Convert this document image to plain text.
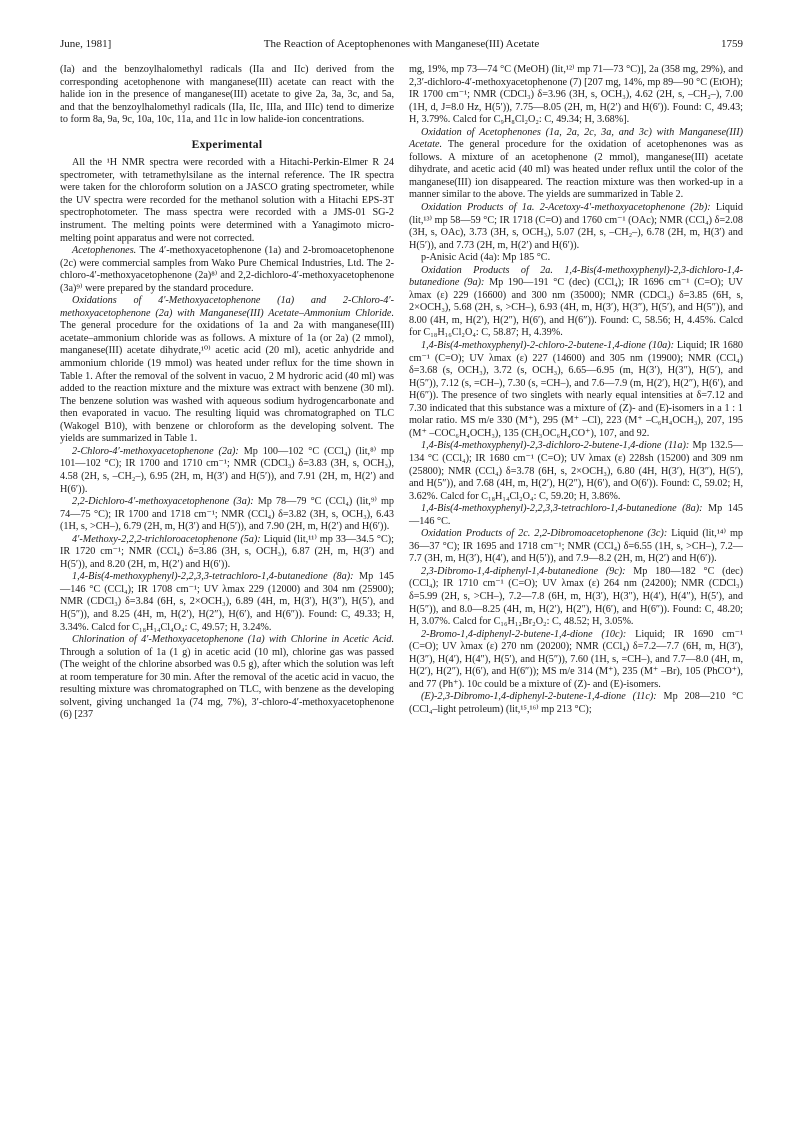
June, 1981]	The Reaction of Aceptophenones with Manganese(III) Acetate	1759

(Ia) and the benzoylhalomethyl radicals (IIa and IIc) derived from the corresponding acetophenone with manganese(III) acetate can react with the halide ion in the presence of manganese(III) acetate to give 2a, 3a, 3c, and 5a, and that the benzoylhalomethyl radicals (IIa, IIc, IIIa, and IIIc) tend to dimerize to form 8a, 9a, 9c, 10a, 10c, 11a, and 11c in low halide-ion concentrations.

Experimental

All the ¹H NMR spectra were recorded with a Hitachi-Perkin-Elmer R 24 spectrometer, with tetramethylsilane as the internal reference. The IR spectra were taken for the chloroform solution on a JASCO grating spectrometer, while the UV spectra were recorded for the methanol solution with a Hitachi EPS-3T spectrophotometer. The mass spectra were recorded with a JMS-01 SG-2 instrument. The melting points were determined with a Yanagimoto micro-melting point apparatus and were not corrected.

Acetophenones. The 4′-methoxyacetophenone (1a) and 2-bromoacetophenone (2c) were commercial samples from Wako Pure Chemical Industries, Ltd. The 2-chloro-4′-methoxyacetophenone (2a)⁸⁾ and 2,2-dichloro-4′-methoxyacetophenone (3a)⁹⁾ were prepared by the standard procedure.

Oxidations of 4′-Methoxyacetophenone (1a) and 2-Chloro-4′-methoxyacetophenone (2a) with Manganese(III) Acetate–Ammonium Chloride. The general procedure for the oxidations of 1a and 2a with manganese(III) acetate–ammonium chloride was as follows. A mixture of 1a (or 2a) (2 mmol), manganese(III) acetate dihydrate,¹⁰⁾ acetic acid (20 ml), acetic anhydride and ammonium chloride (19 mmol) was heated under reflux for the time shown in Table 1. After the removal of the solvent in vacuo, 2 M hydroric acid (40 ml) was added to the reaction mixture and the mixture was extract with benzene (30 ml). The benzene solution was washed with aqueous sodium hydrogencarbonate and then evaporated in vacuo. The resulting liquid was chromatographed on TLC (Wakogel B10), with benzene or chloroform as the developing solvent. The yields are summarized in Table 1.

2-Chloro-4′-methoxyacetophenone (2a): Mp 100—102 °C (CCl₄) (lit,⁸⁾ mp 101—102 °C); IR 1700 and 1710 cm⁻¹; NMR (CDCl₃) δ=3.83 (3H, s, OCH₃), 4.58 (2H, s, –CH₂–), 6.95 (2H, m, H(3′) and H(5′)), and 7.91 (2H, m, H(2′) and H(6′)).

2,2-Dichloro-4′-methoxyacetophenone (3a): Mp 78—79 °C (CCl₄) (lit,⁹⁾ mp 74—75 °C); IR 1700 and 1718 cm⁻¹; NMR (CCl₄) δ=3.82 (3H, s, OCH₃), 6.43 (1H, s, >CH–), 6.79 (2H, m, H(3′) and H(5′)), and 7.90 (2H, m, H(2′) and H(6′)).

4′-Methoxy-2,2,2-trichloroacetophenone (5a): Liquid (lit,¹¹⁾ mp 33—34.5 °C); IR 1720 cm⁻¹; NMR (CCl₄) δ=3.86 (3H, s, OCH₃), 6.87 (2H, m, H(3′) and H(5′)), and 8.20 (2H, m, H(2′) and H(6′)).

1,4-Bis(4-methoxyphenyl)-2,2,3,3-tetrachloro-1,4-butanedione (8a): Mp 145—146 °C (CCl₄); IR 1708 cm⁻¹; UV λmax 229 (12000) and 304 nm (25900); NMR (CDCl₃) δ=3.84 (6H, s, 2×OCH₃), 6.89 (4H, m, H(3′), H(3″), H(5′), and H(5″)), and 8.25 (4H, m, H(2′), H(2″), H(6′), and H(6″)). Found: C, 49.33; H, 3.34%. Calcd for C₁₈H₁₄Cl₄O₄: C, 49.57; H, 3.24%.

Chlorination of 4′-Methoxyacetophenone (1a) with Chlorine in Acetic Acid. Through a solution of 1a (1 g) in acetic acid (10 ml), chlorine gas was passed (The weight of the chlorine absorbed was 0.5 g), after which the solution was left at room temperature for 30 min. After the removal of the acetic acid in vacuo, the resulting mixture was chromatographed on TLC, with benzene as the developing solvent, giving unchanged 1a (74 mg, 7%), 3′-chloro-4′-methoxyacetophenone (6) [237

mg, 19%, mp 73—74 °C (MeOH) (lit,¹²⁾ mp 71—73 °C)], 2a (358 mg, 29%), and 2,3′-dichloro-4′-methoxyacetophenone (7) [207 mg, 14%, mp 89—90 °C (EtOH); IR 1700 cm⁻¹; NMR (CDCl₃) δ=3.96 (3H, s, OCH₃), 4.62 (2H, s, –CH₂–), 7.00 (1H, d, J=8.0 Hz, H(5′)), 7.75—8.05 (2H, m, H(2′) and H(6′)). Found: C, 49.43; H, 3.79%. Calcd for C₉H₈Cl₂O₂: C, 49.34; H, 3.68%].

Oxidation of Acetophenones (1a, 2a, 2c, 3a, and 3c) with Manganese(III) Acetate. The general procedure for the oxidation of acetophenones was as follows. A mixture of an acetophenone (2 mmol), manganese(III) acetate dihydrate, and acetic acid (40 ml) was heated under reflux until the color of the manganese(III) ion disappeared. The reaction mixture was then worked-up in a manner similar to the above. The yields are summarized in Table 2.

Oxidation Products of 1a. 2-Acetoxy-4′-methoxyacetophenone (2b): Liquid (lit,¹³⁾ mp 58—59 °C; IR 1718 (C=O) and 1760 cm⁻¹ (OAc); NMR (CCl₄) δ=2.08 (3H, s, OAc), 3.73 (3H, s, OCH₃), 5.07 (2H, s, –CH₂–), 6.78 (2H, m, H(3′) and H(5′)), and 7.73 (2H, m, H(2′) and H(6′)).

p-Anisic Acid (4a): Mp 185 °C.

Oxidation Products of 2a. 1,4-Bis(4-methoxyphenyl)-2,3-dichloro-1,4-butanedione (9a): Mp 190—191 °C (dec) (CCl₄); IR 1696 cm⁻¹ (C=O); UV λmax (ε) 229 (16600) and 300 nm (35000); NMR (CDCl₃) δ=3.85 (6H, s, 2×OCH₃), 5.68 (2H, s, >CH–), 6.93 (4H, m, H(3′), H(3″), H(5′), and H(5″)), and 8.00 (4H, m, H(2′), H(2″), H(6′), and H(6″)). Found: C, 58.56; H, 4.45%. Calcd for C₁₈H₁₆Cl₂O₄: C, 58.87; H, 4.39%.

1,4-Bis(4-methoxyphenyl)-2-chloro-2-butene-1,4-dione (10a): Liquid; IR 1680 cm⁻¹ (C=O); UV λmax (ε) 227 (14600) and 305 nm (19900); NMR (CCl₄) δ=3.68 (s, OCH₃), 3.72 (s, OCH₃), 6.65—6.95 (m, H(3′), H(3″), H(5′), and H(5″)), 7.12 (s, =CH–), 7.30 (s, =CH–), and 7.6—7.9 (m, H(2′), H(2″), H(6′), and H(6″)). The presence of two singlets with nearly equal intensities at δ=7.12 and 7.30 indicated that this substance was a mixture of (Z)- and (E)-isomers in a 1 : 1 molar ratio. MS m/e 330 (M⁺), 295 (M⁺ –Cl), 223 (M⁺ –C₆H₄OCH₃), 207, 195 (M⁺ –COC₆H₄OCH₃), 135 (CH₃OC₆H₄CO⁺), 107, and 92.

1,4-Bis(4-methoxyphenyl)-2,3-dichloro-2-butene-1,4-dione (11a): Mp 132.5—134 °C (CCl₄); IR 1680 cm⁻¹ (C=O); UV λmax (ε) 228sh (15200) and 309 nm (25800); NMR (CCl₄) δ=3.78 (6H, s, 2×OCH₃), 6.80 (4H, H(3′), H(3″), H(5′), and H(5″)), and 7.68 (4H, m, H(2′), H(2″), H(6′), and O(6′)). Found: C, 59.02; H, 3.62%. Calcd for C₁₈H₁₄Cl₂O₄: C, 59.20; H, 3.86%.

1,4-Bis(4-methoxyphenyl)-2,2,3,3-tetrachloro-1,4-butanedione (8a): Mp 145—146 °C.

Oxidation Products of 2c. 2,2-Dibromoacetophenone (3c): Liquid (lit,¹⁴⁾ mp 36—37 °C); IR 1695 and 1718 cm⁻¹; NMR (CCl₄) δ=6.55 (1H, s, >CH–), 7.2—7.7 (3H, m, H(3′), H(4′), and H(5′)), and 7.9—8.2 (2H, m, H(2′) and H(6′)).

2,3-Dibromo-1,4-diphenyl-1,4-butanedione (9c): Mp 180—182 °C (dec) (CCl₄); IR 1710 cm⁻¹ (C=O); UV λmax (ε) 264 nm (24200); NMR (CDCl₃) δ=5.99 (2H, s, >CH–), 7.2—7.8 (6H, m, H(3′), H(3″), H(4′), H(4″), H(5′), and H(5″)), and 8.0—8.25 (4H, m, H(2′), H(2″), H(6′), and H(6″)). Found: C, 48.20; H, 3.07%. Calcd for C₁₆H₁₂Br₂O₂: C, 48.52; H, 3.05%.

2-Bromo-1,4-diphenyl-2-butene-1,4-dione (10c): Liquid; IR 1690 cm⁻¹ (C=O); UV λmax (ε) 270 nm (20200); NMR (CCl₄) δ=7.2—7.7 (6H, m, H(3′), H(3″), H(4′), H(4″), H(5′), and H(5″)), 7.60 (1H, s, =CH–), and 7.7—8.0 (4H, m, H(2′), H(2″), H(6′), and H(6″)); MS m/e 314 (M⁺), 235 (M⁺ –Br), 105 (PhCO⁺), and 77 (Ph⁺). 10c could be a mixture of (Z)- and (E)-isomers.

(E)-2,3-Dibromo-1,4-diphenyl-2-butene-1,4-dione (11c): Mp 208—210 °C (CCl₄–light petroleum) (lit,¹⁵,¹⁶⁾ mp 213 °C);
